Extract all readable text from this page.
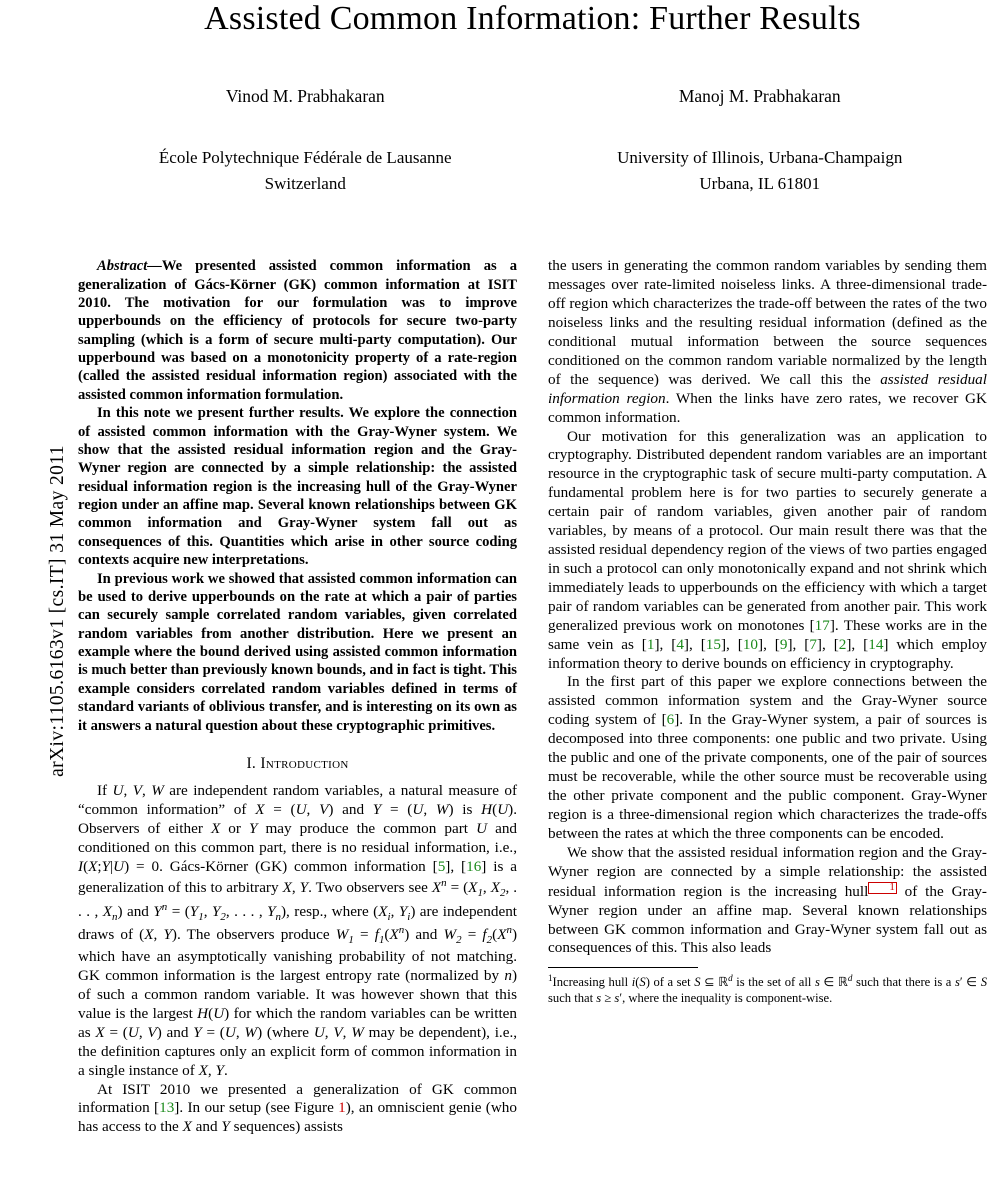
arXiv:1105.6163v1 [cs.IT] 31 May 2011
Assisted Common Information: Further Results
Vinod M. Prabhakaran
École Polytechnique Fédérale de Lausanne
Switzerland
Manoj M. Prabhakaran
University of Illinois, Urbana-Champaign
Urbana, IL 61801

Abstract—We presented assisted common information as a generalization of Gács-Körner (GK) common information at ISIT 2010. The motivation for our formulation was to improve upperbounds on the efficiency of protocols for secure two-party sampling (which is a form of secure multi-party computation). Our upperbound was based on a monotonicity property of a rate-region (called the assisted residual information region) associated with the assisted common information formulation.

In this note we present further results. We explore the connection of assisted common information with the Gray-Wyner system. We show that the assisted residual information region and the Gray-Wyner region are connected by a simple relationship: the assisted residual information region is the increasing hull of the Gray-Wyner region under an affine map. Several known relationships between GK common information and Gray-Wyner system fall out as consequences of this. Quantities which arise in other source coding contexts acquire new interpretations.

In previous work we showed that assisted common information can be used to derive upperbounds on the rate at which a pair of parties can securely sample correlated random variables, given correlated random variables from another distribution. Here we present an example where the bound derived using assisted common information is much better than previously known bounds, and in fact is tight. This example considers correlated random variables defined in terms of standard variants of oblivious transfer, and is interesting on its own as it answers a natural question about these cryptographic primitives.

I. Introduction

If U, V, W are independent random variables, a natural measure of “common information” of X = (U, V) and Y = (U, W) is H(U). Observers of either X or Y may produce the common part U and conditioned on this common part, there is no residual information, i.e., I(X;Y|U) = 0. Gács-Körner (GK) common information [5], [16] is a generalization of this to arbitrary X, Y. Two observers see $X^n = (X_1$, $X_2$, . . . , $X_n$) and $Y^n = (Y_1$, $Y_2$, . . . , $Y_n$), resp., where ($X_i$, $Y_i$) are independent draws of (X, Y). The observers produce $W_1 = f_1(X^n)$ and $W_2 = f_2(X^n)$ which have an asymptotically vanishing probability of not matching. GK common information is the largest entropy rate (normalized by n) of such a common random variable. It was however shown that this value is the largest H(U) for which the random variables can be written as X = (U, V) and Y = (U, W) (where U, V, W may be dependent), i.e., the definition captures only an explicit form of common information in a single instance of X, Y.

At ISIT 2010 we presented a generalization of GK common information [13]. In our setup (see Figure 1), an omniscient genie (who has access to the X and Y sequences) assists

the users in generating the common random variables by sending them messages over rate-limited noiseless links. A three-dimensional trade-off region which characterizes the trade-off between the rates of the two noiseless links and the resulting residual information (defined as the conditional mutual information between the source sequences conditioned on the common random variable normalized by the length of the sequence) was derived. We call this the assisted residual information region. When the links have zero rates, we recover GK common information.

Our motivation for this generalization was an application to cryptography. Distributed dependent random variables are an important resource in the cryptographic task of secure multi-party computation. A fundamental problem here is for two parties to securely generate a certain pair of random variables, given another pair of random variables, by means of a protocol. Our main result there was that the assisted residual dependency region of the views of two parties engaged in such a protocol can only monotonically expand and not shrink which immediately leads to upperbounds on the efficiency with which a target pair of random variables can be generated from another pair. This work generalized previous work on monotones [17]. These works are in the same vein as [1], [4], [15], [10], [9], [7], [2], [14] which employ information theory to derive bounds on efficiency in cryptography.

In the first part of this paper we explore connections between the assisted common information system and the Gray-Wyner source coding system of [6]. In the Gray-Wyner system, a pair of sources is decomposed into three components: one public and two private. Using the public and one of the private components, one of the pair of sources must be recoverable, while the other source must be recoverable using the other private component and the public component. Gray-Wyner region is a three-dimensional region which characterizes the trade-offs between the rates at which the three components can be encoded.

We show that the assisted residual information region and the Gray-Wyner region are connected by a simple relationship: the assisted residual information region is the increasing hull 1 of the Gray-Wyner region under an affine map. Several known relationships between GK common information and Gray-Wyner system fall out as consequences of this. This also leads

$^1$Increasing hull i(S) of a set S ⊆ ℝ$^d$ is the set of all s ∈ ℝ$^d$ such that there is a s′ ∈ S such that s ≥ s′, where the inequality is component-wise.
